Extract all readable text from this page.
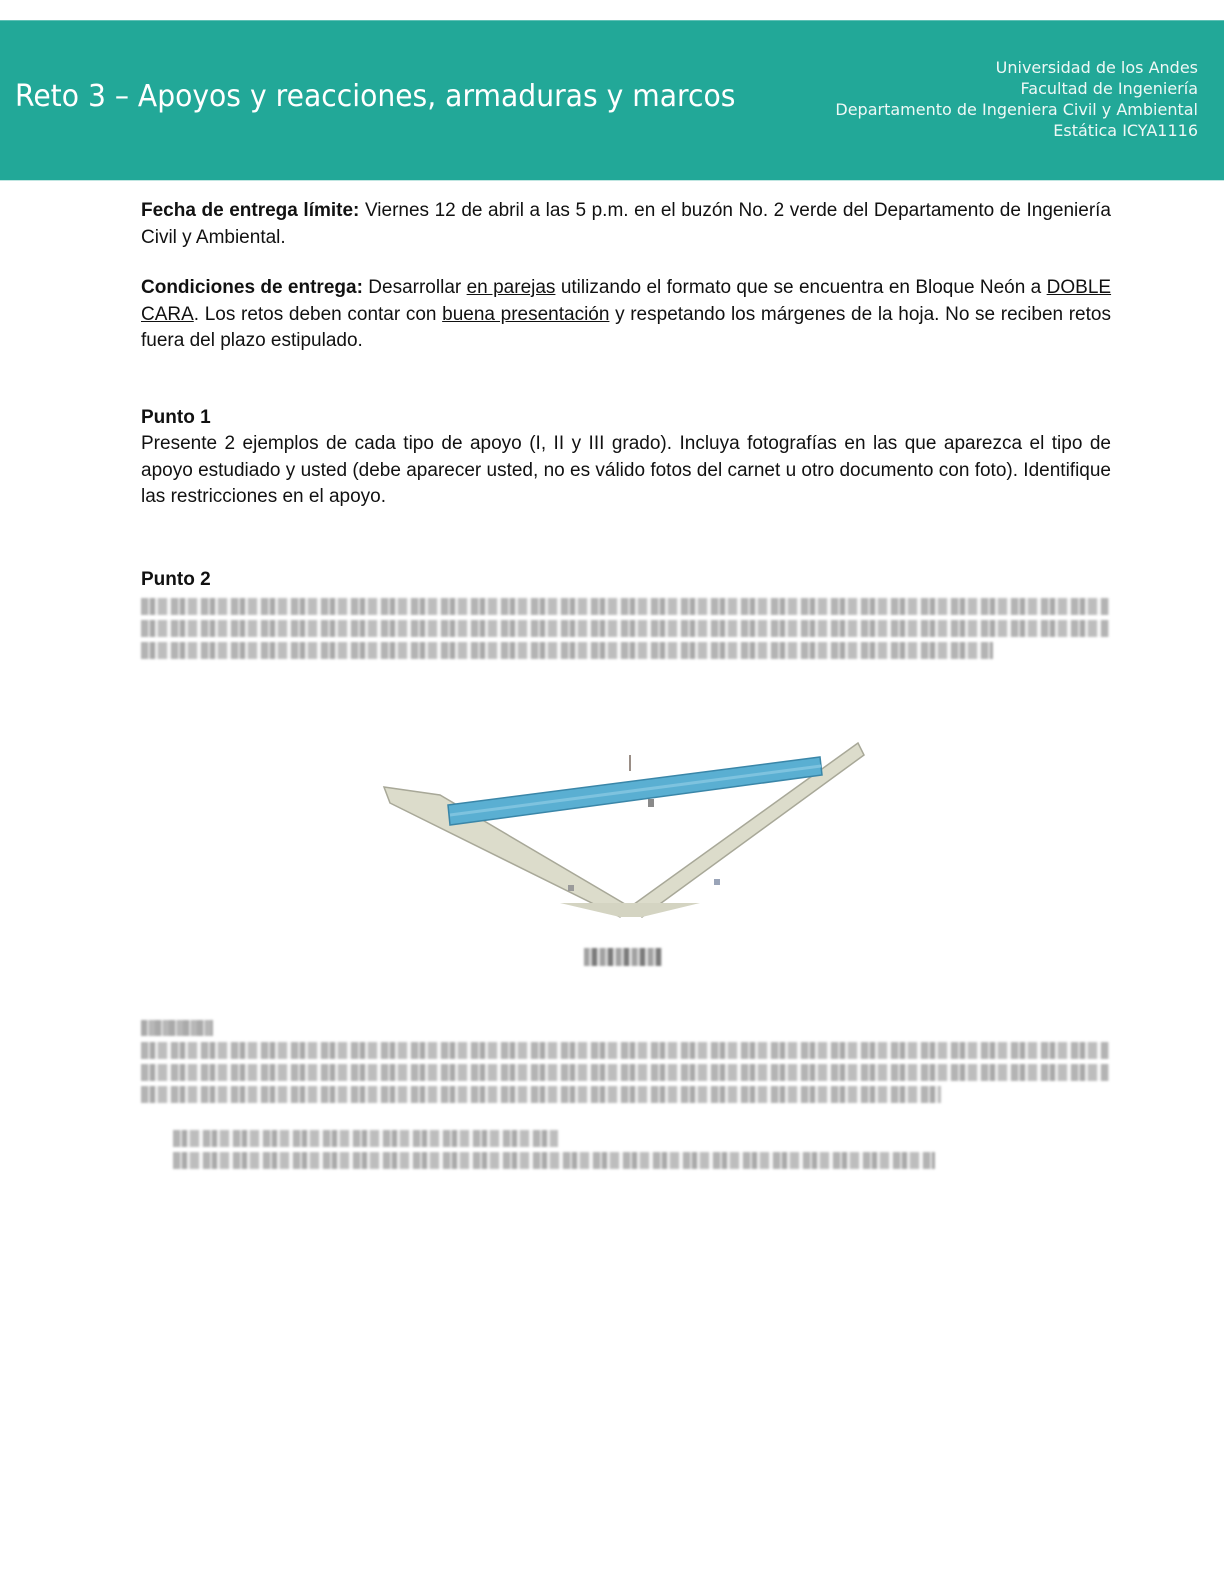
Reto 3 – Apoyos y reacciones, armaduras y marcos
Universidad de los Andes
Facultad de Ingeniería
Departamento de Ingeniera Civil y Ambiental
Estática ICYA1116

Fecha de entrega límite: Viernes 12 de abril a las 5 p.m. en el buzón No. 2 verde del Departamento de Ingeniería Civil y Ambiental.

Condiciones de entrega: Desarrollar en parejas utilizando el formato que se encuentra en Bloque Neón a DOBLE CARA. Los retos deben contar con buena presentación y respetando los márgenes de la hoja. No se reciben retos fuera del plazo estipulado.

Punto 1

Presente 2 ejemplos de cada tipo de apoyo (I, II y III grado). Incluya fotografías en las que aparezca el tipo de apoyo estudiado y usted (debe aparecer usted, no es válido fotos del carnet u otro documento con foto). Identifique las restricciones en el apoyo.

Punto 2
